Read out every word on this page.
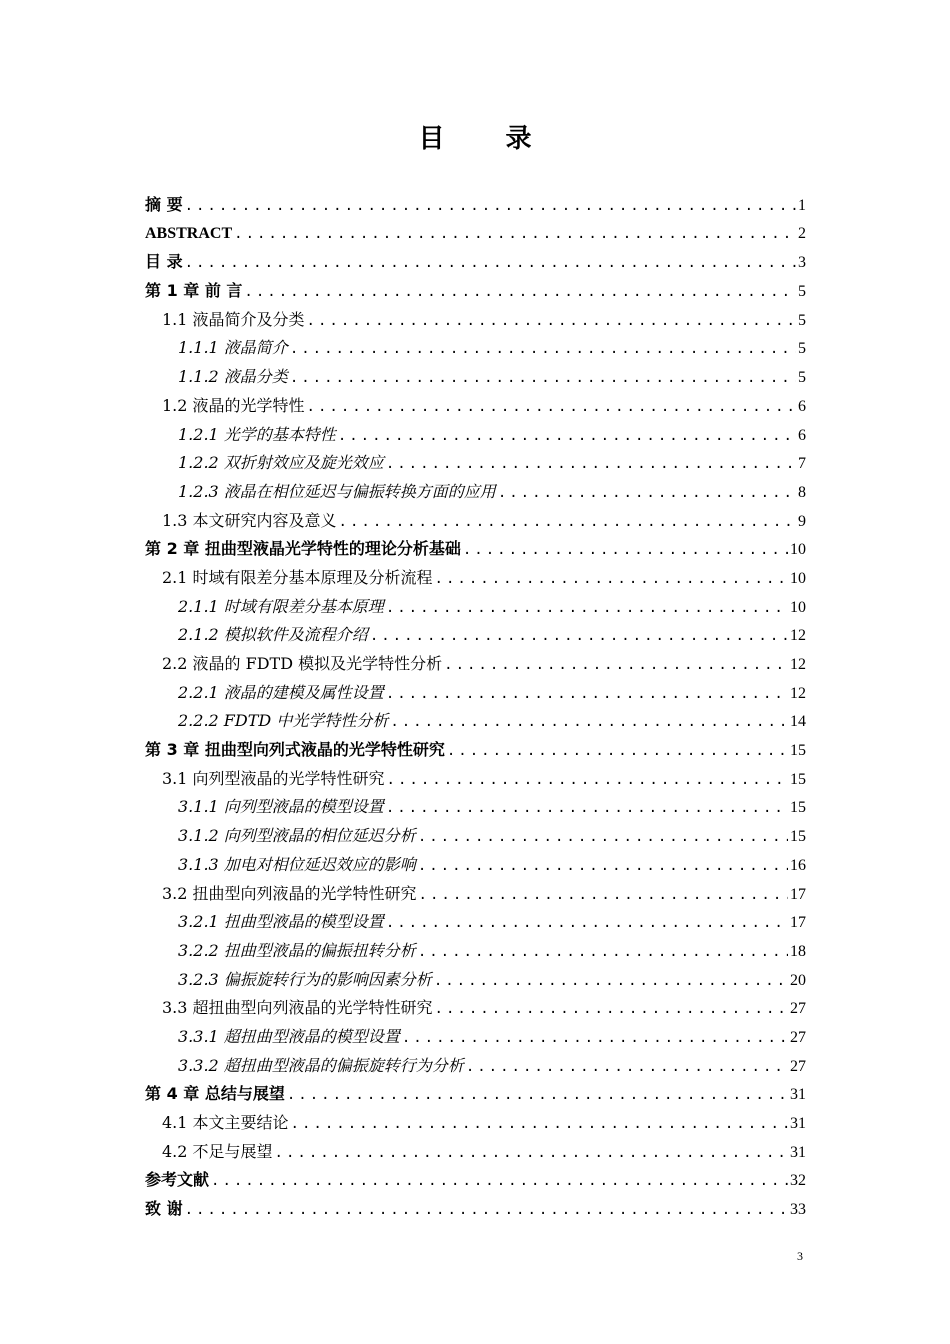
目 录
摘 要 .....	1
ABSTRACT .....	2
目 录 .....	3
第 1 章 前 言 .....	5
1.1 液晶简介及分类 .....	5
1.1.1 液晶简介 .....	5
1.1.2 液晶分类 .....	5
1.2 液晶的光学特性 .....	6
1.2.1 光学的基本特性 .....	6
1.2.2 双折射效应及旋光效应 .....	7
1.2.3 液晶在相位延迟与偏振转换方面的应用 .....	8
1.3 本文研究内容及意义 .....	9
第 2 章 扭曲型液晶光学特性的理论分析基础 .....	10
2.1 时域有限差分基本原理及分析流程 .....	10
2.1.1 时域有限差分基本原理 .....	10
2.1.2 模拟软件及流程介绍 .....	12
2.2 液晶的 FDTD 模拟及光学特性分析 .....	12
2.2.1 液晶的建模及属性设置 .....	12
2.2.2 FDTD 中光学特性分析 .....	14
第 3 章 扭曲型向列式液晶的光学特性研究 .....	15
3.1 向列型液晶的光学特性研究 .....	15
3.1.1 向列型液晶的模型设置 .....	15
3.1.2 向列型液晶的相位延迟分析 .....	15
3.1.3 加电对相位延迟效应的影响 .....	16
3.2 扭曲型向列液晶的光学特性研究 .....	17
3.2.1 扭曲型液晶的模型设置 .....	17
3.2.2 扭曲型液晶的偏振扭转分析 .....	18
3.2.3 偏振旋转行为的影响因素分析 .....	20
3.3 超扭曲型向列液晶的光学特性研究 .....	27
3.3.1 超扭曲型液晶的模型设置 .....	27
3.3.2 超扭曲型液晶的偏振旋转行为分析 .....	27
第 4 章 总结与展望 .....	31
4.1 本文主要结论 .....	31
4.2 不足与展望 .....	31
参考文献 .....	32
致 谢 .....	33
3
